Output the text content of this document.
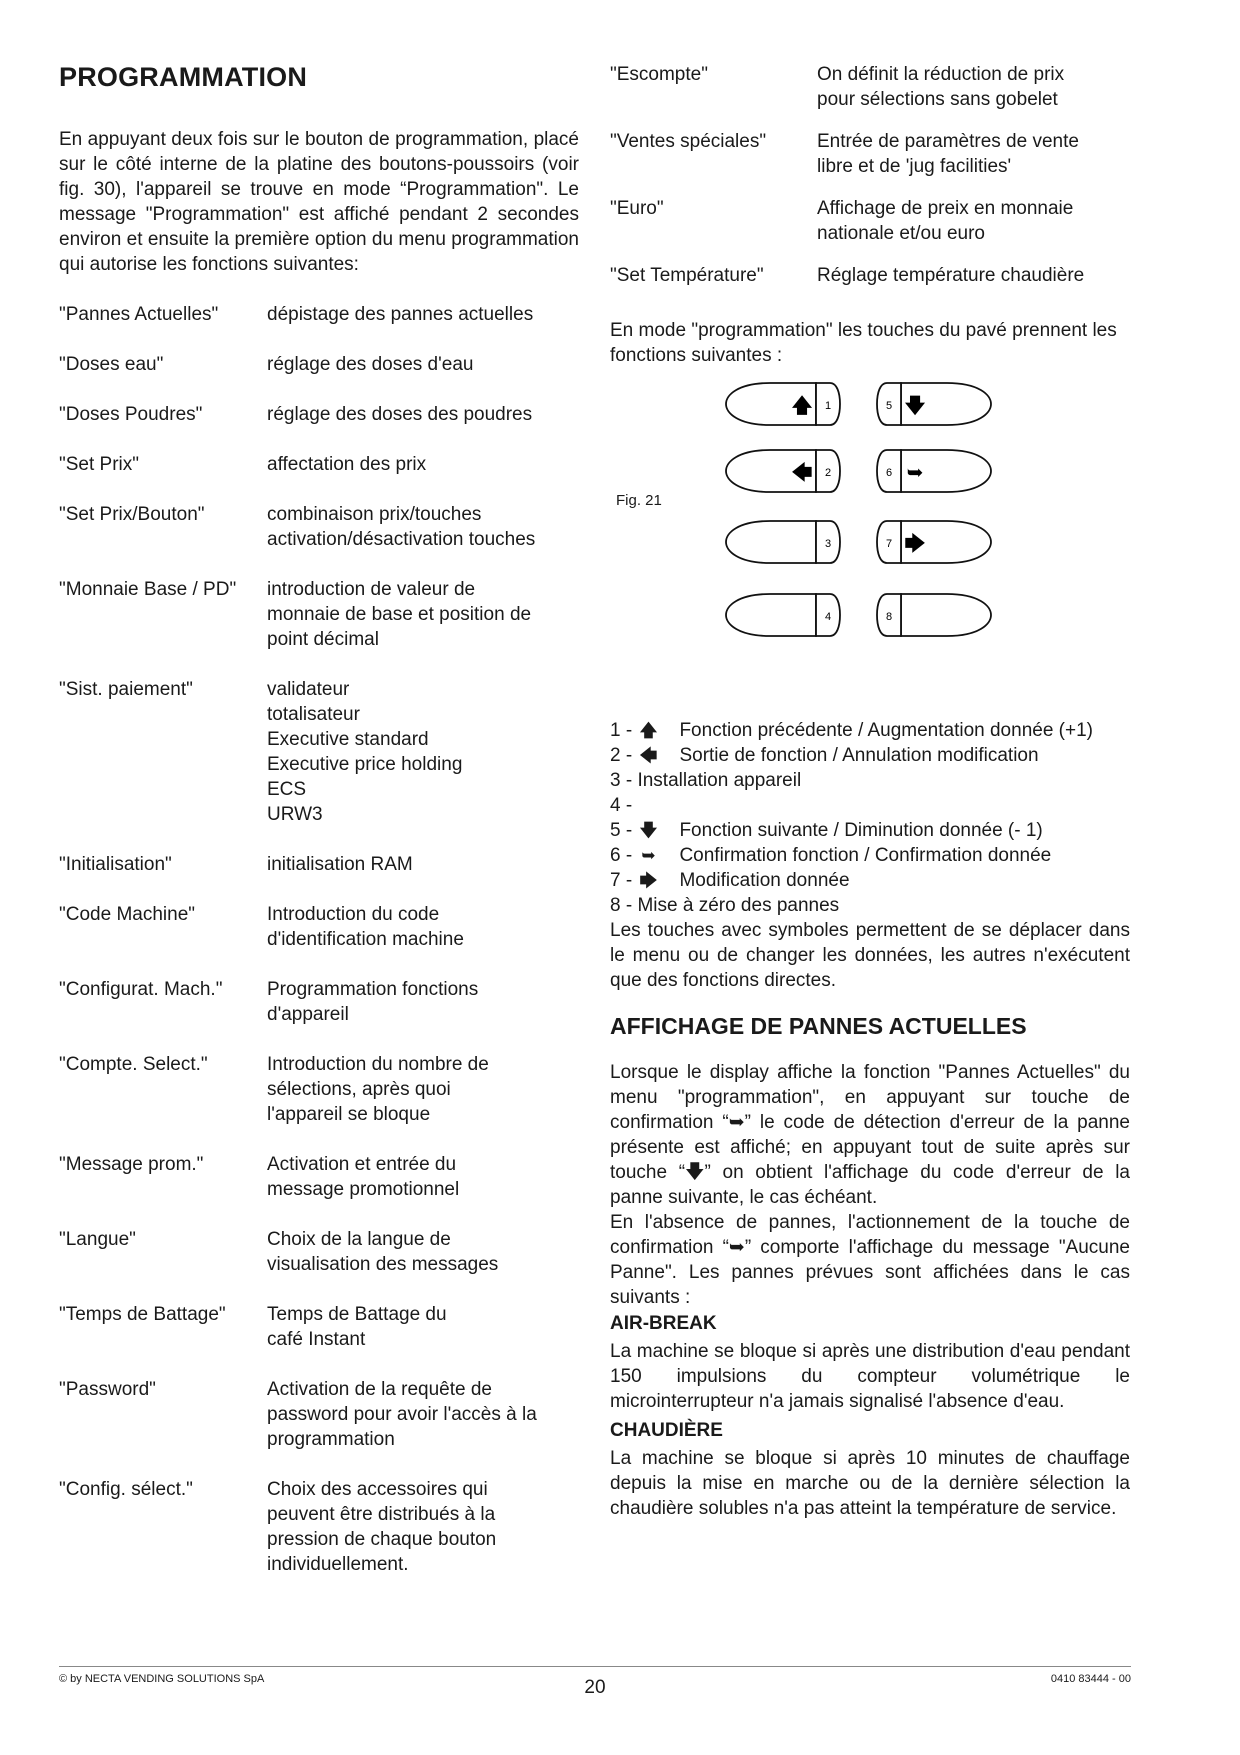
PROGRAMMATION

En appuyant deux fois sur le bouton de programmation, placé sur le côté interne de la platine des boutons-poussoirs (voir fig. 30), l'appareil se trouve en mode “Programmation". Le message "Programmation" est affiché pendant 2 secondes environ et ensuite la première option du menu programmation qui autorise les fonctions suivantes:

"Pannes Actuelles"	dépistage des pannes actuelles
"Doses eau"	réglage des doses d'eau
"Doses Poudres"	réglage des doses des poudres
"Set Prix"	affectation des prix
"Set Prix/Bouton"	combinaison prix/touches
activation/désactivation touches
"Monnaie Base / PD"	introduction de valeur de
monnaie de base et position de
point décimal
"Sist. paiement"	validateur
totalisateur
Executive standard
Executive price holding
ECS
URW3
"Initialisation"	initialisation RAM
"Code Machine"	Introduction du code
d'identification machine
"Configurat. Mach."	Programmation fonctions
d'appareil
"Compte. Select."	Introduction du nombre de
sélections, après quoi
l'appareil se bloque
"Message prom."	Activation et entrée du
message promotionnel
"Langue"	Choix de la langue de
visualisation des messages
"Temps de Battage"	Temps de Battage du
café Instant
"Password"	Activation de la requête de
password pour avoir l'accès à la
programmation
"Config. sélect."	Choix des accessoires qui
peuvent être distribués à la
pression de chaque bouton
individuellement.
"Escompte"	On définit la réduction de prix
pour sélections sans gobelet
"Ventes spéciales"	Entrée de paramètres de vente
libre et de 'jug facilities'
"Euro"	Affichage de preix en monnaie
nationale et/ou euro
"Set Température"	Réglage température chaudière

En mode "programmation" les touches du pavé prennent les fonctions suivantes :

Fig. 21
1
🡅
2
🡄
3
4
5 🡇
6 ➥
7 🡆
8
1 - 🡅 Fonction précédente / Augmentation donnée (+1)
2 - 🡄 Sortie de fonction / Annulation modification
3 - Installation appareil
4 -
5 - 🡇 Fonction suivante / Diminution donnée (- 1)
6 - ➥ Confirmation fonction / Confirmation donnée
7 - 🡆 Modification donnée
8 - Mise à zéro des pannes

Les touches avec symboles permettent de se déplacer dans le menu ou de changer les données, les autres n'exécutent que des fonctions directes.

AFFICHAGE DE PANNES ACTUELLES

Lorsque le display affiche la fonction "Pannes Actuelles" du menu "programmation", en appuyant sur touche de confirmation “➥” le code de détection d'erreur de la panne présente est affiché; en appuyant tout de suite après sur touche “🡇” on obtient l'affichage du code d'erreur de la panne suivante, le cas échéant.

En l'absence de pannes, l'actionnement de la touche de confirmation “➥” comporte l'affichage du message "Aucune Panne". Les pannes prévues sont affichées dans le cas suivants :

AIR-BREAK

La machine se bloque si après une distribution d'eau pendant 150 impulsions du compteur volumétrique le microinterrupteur n'a jamais signalisé l'absence d'eau.

CHAUDIÈRE

La machine se bloque si après 10 minutes de chauffage depuis la mise en marche ou de la dernière sélection la chaudière solubles n'a pas atteint la température de service.

© by NECTA VENDING SOLUTIONS SpA	20	0410 83444 - 00
